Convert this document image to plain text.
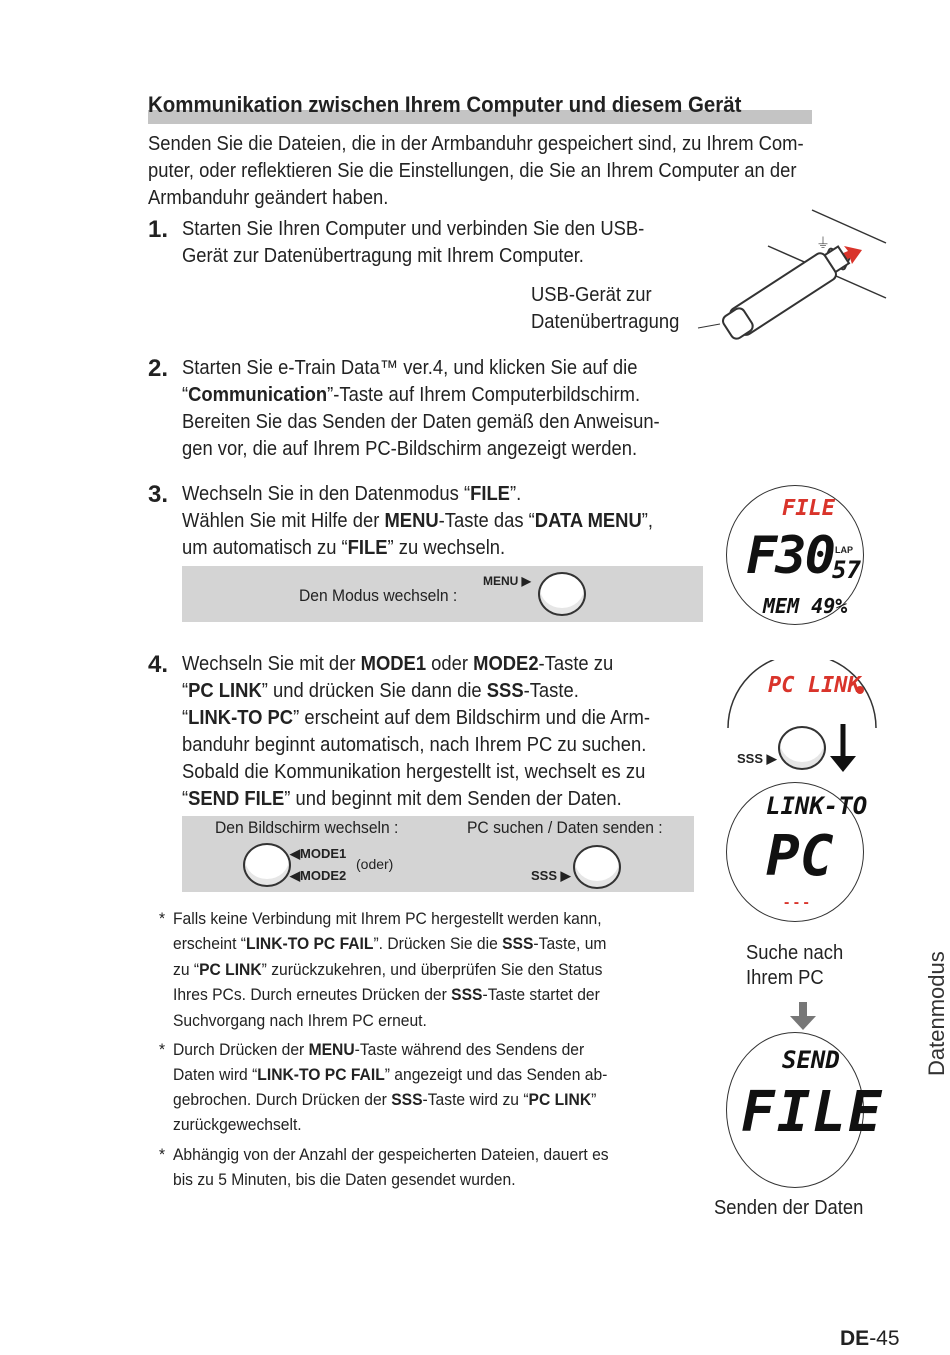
Kommunikation zwischen Ihrem Computer und diesem Gerät
Senden Sie die Dateien, die in der Armbanduhr gespeichert sind, zu Ihrem Com-
puter, oder reflektieren Sie die Einstellungen, die Sie an Ihrem Computer an der
Armbanduhr geändert haben.
1. Starten Sie Ihren Computer und verbinden Sie den USB-
Gerät zur Datenübertragung mit Ihrem Computer.
USB-Gerät zur
Datenübertragung
⏚
2. Starten Sie e-Train Data™ ver.4, und klicken Sie auf die
“Communication”-Taste auf Ihrem Computerbildschirm.
Bereiten Sie das Senden der Daten gemäß den Anweisun-
gen vor, die auf Ihrem PC-Bildschirm angezeigt werden.
3. Wechseln Sie in den Datenmodus “FILE”.
Wählen Sie mit Hilfe der MENU-Taste das “DATA MENU”,
um automatisch zu “FILE” zu wechseln.
Den Modus wechseln :
MENU ▶
FILE
F30 LAP
57
MEM 49%
4. Wechseln Sie mit der MODE1 oder MODE2-Taste zu
“PC LINK” und drücken Sie dann die SSS-Taste.
“LINK-TO PC” erscheint auf dem Bildschirm und die Arm-
banduhr beginnt automatisch, nach Ihrem PC zu suchen.
Sobald die Kommunikation hergestellt ist, wechselt es zu
“SEND FILE” und beginnt mit dem Senden der Daten.
Den Bildschirm wechseln :	PC suchen / Daten senden :
◀MODE1
◀MODE2
(oder)
SSS ▶
* Falls keine Verbindung mit Ihrem PC hergestellt werden kann,
erscheint “LINK-TO PC FAIL”. Drücken Sie die SSS-Taste, um
zu “PC LINK” zurückzukehren, und überprüfen Sie den Status
Ihres PCs. Durch erneutes Drücken der SSS-Taste startet der
Suchvorgang nach Ihrem PC erneut.
* Durch Drücken der MENU-Taste während des Sendens der
Daten wird “LINK-TO PC FAIL” angezeigt und das Senden ab-
gebrochen. Durch Drücken der SSS-Taste wird zu “PC LINK”
zurückgewechselt.
* Abhängig von der Anzahl der gespeicherten Dateien, dauert es
bis zu 5 Minuten, bis die Daten gesendet wurden.
PC LINK
SSS ▶
LINK-TO
PC
- - -
Suche nach
Ihrem PC
SEND
FILE
Senden der Daten
Datenmodus
DE-45
